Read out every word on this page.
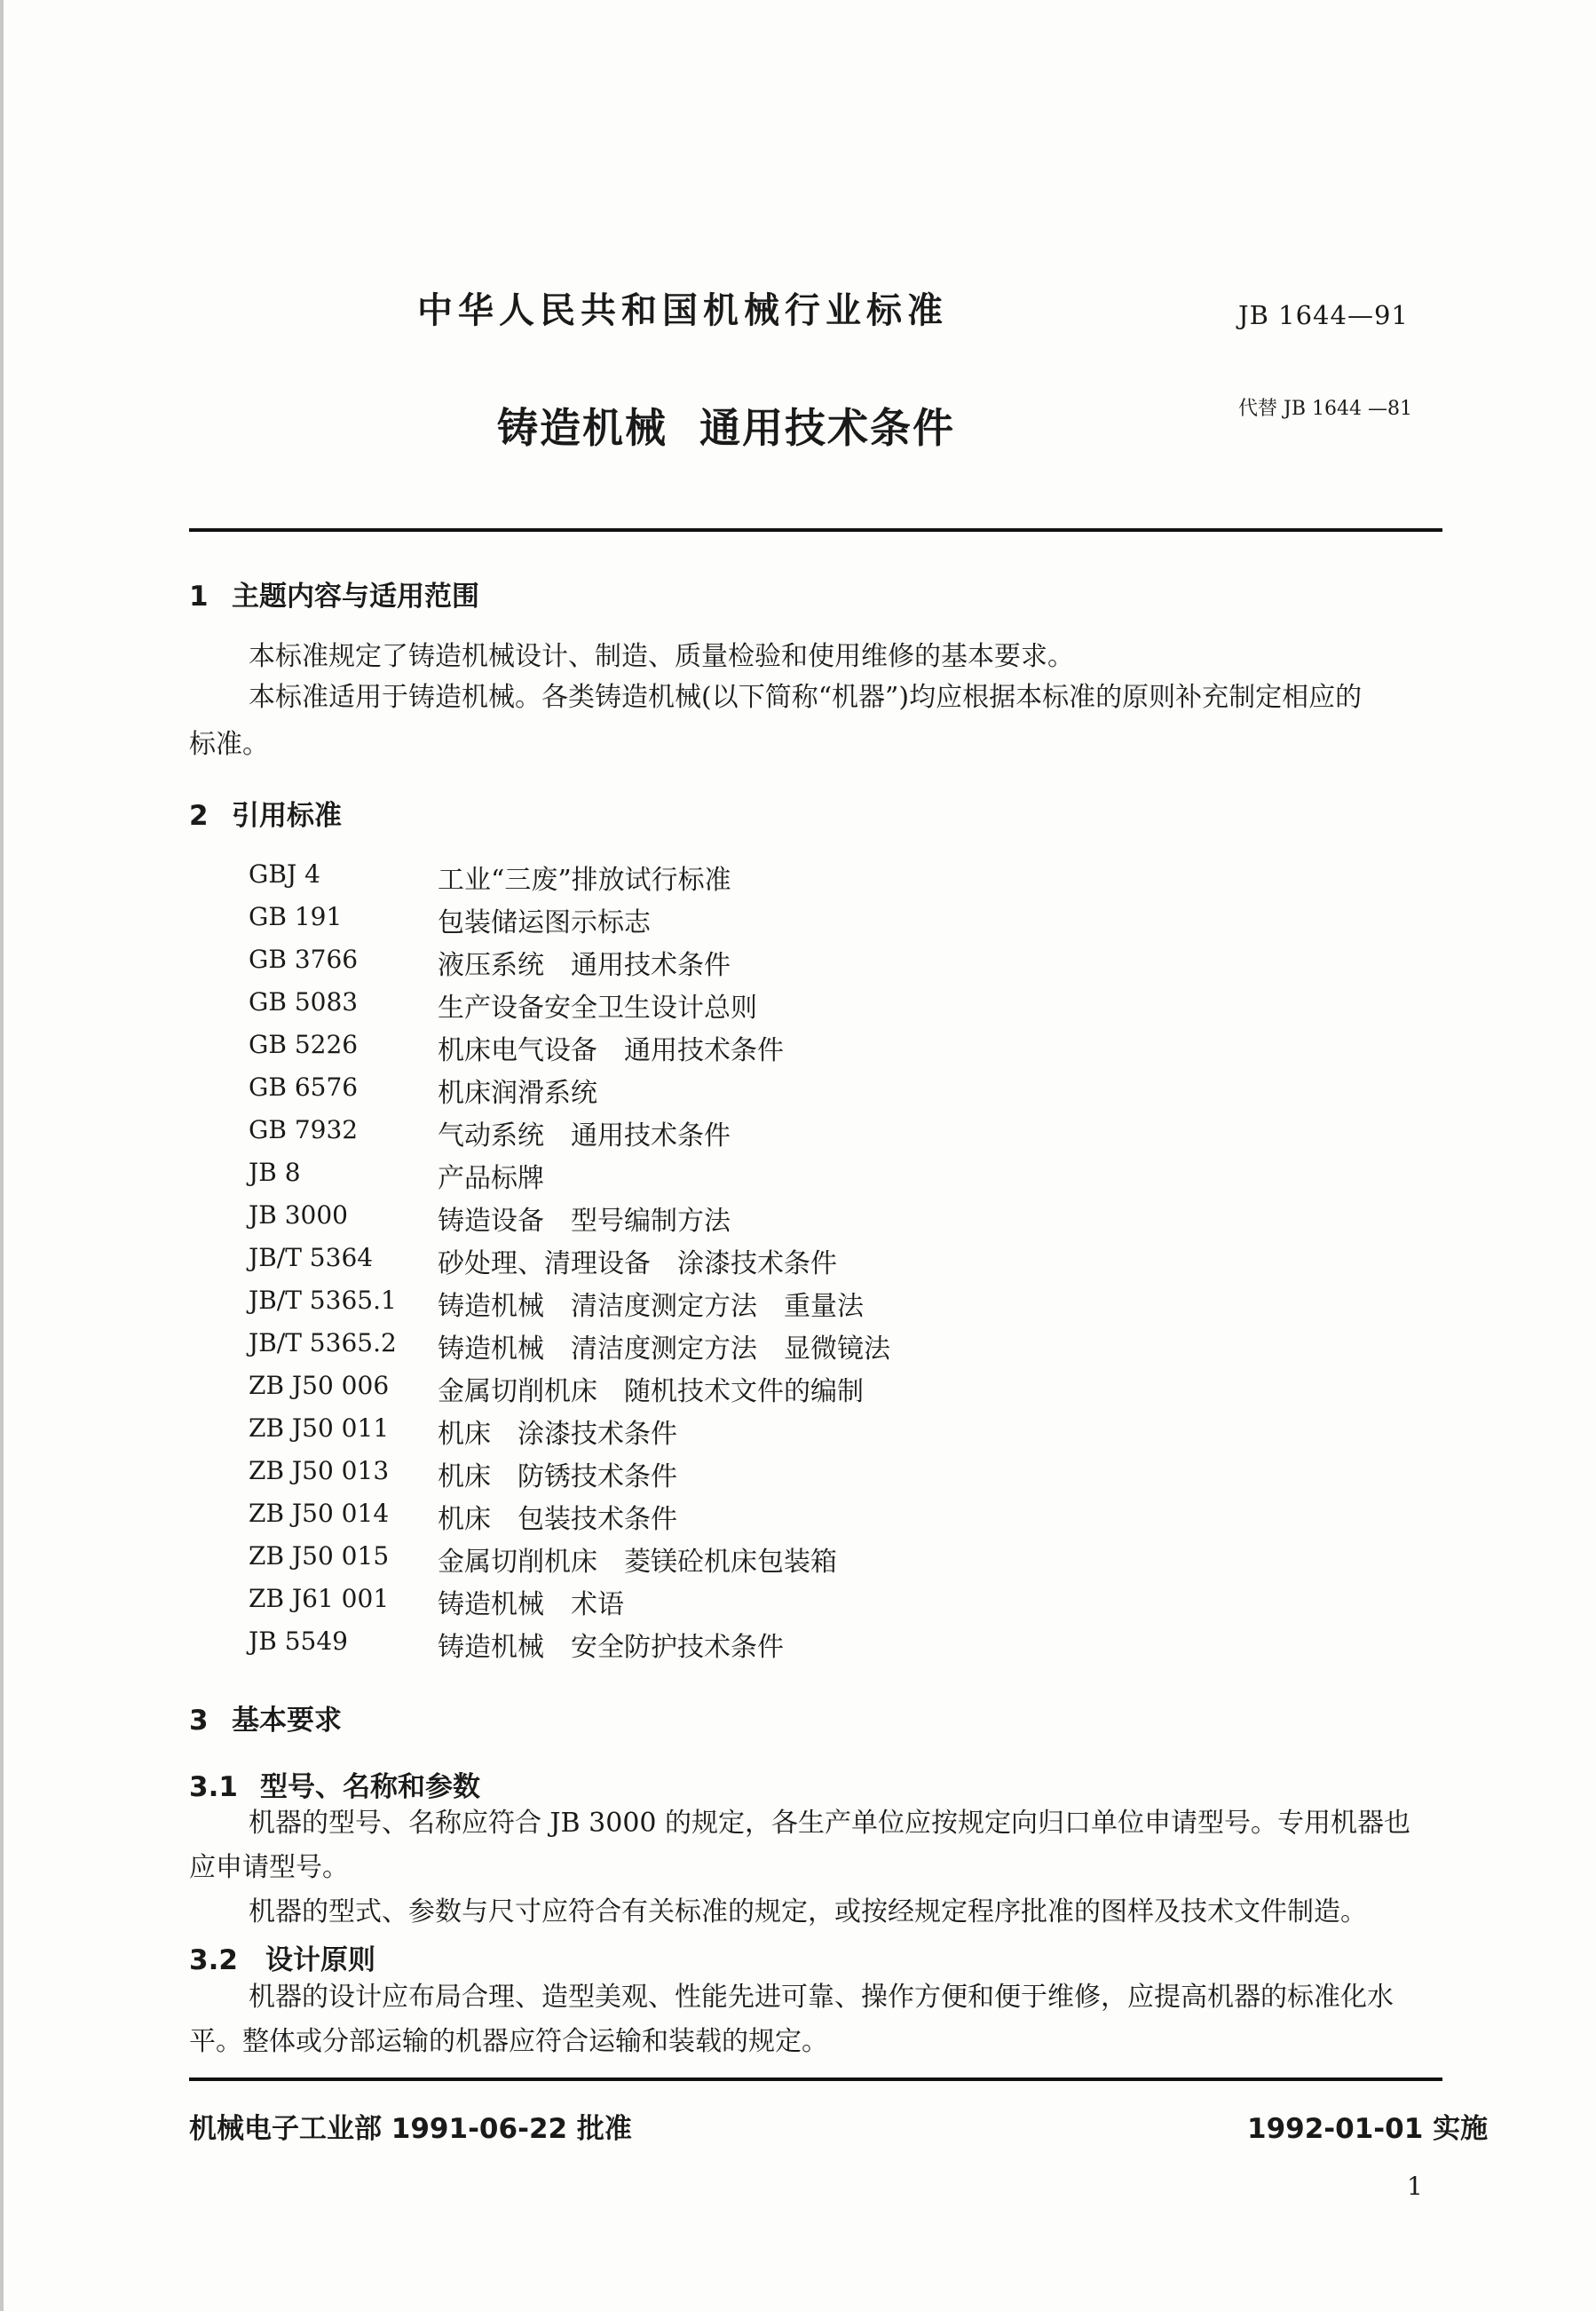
中华人民共和国机械行业标准	JB 1644—91
铸造机械 通用技术条件	代替 JB 1644 —81
1 主题内容与适用范围
本标准规定了铸造机械设计、制造、质量检验和使用维修的基本要求。
本标准适用于铸造机械。各类铸造机械(以下简称“机器”)均应根据本标准的原则补充制定相应的
标准。
2 引用标准
GBJ 4	工业“三废”排放试行标准
GB 191	包装储运图示标志
GB 3766	液压系统　通用技术条件
GB 5083	生产设备安全卫生设计总则
GB 5226	机床电气设备　通用技术条件
GB 6576	机床润滑系统
GB 7932	气动系统　通用技术条件
JB 8	产品标牌
JB 3000	铸造设备　型号编制方法
JB/T 5364 砂处理、清理设备　涂漆技术条件
JB/T 5365.1 铸造机械　清洁度测定方法　重量法
JB/T 5365.2 铸造机械　清洁度测定方法　显微镜法
ZB J50 006 金属切削机床　随机技术文件的编制
ZB J50 011 机床　涂漆技术条件
ZB J50 013 机床　防锈技术条件
ZB J50 014 机床　包装技术条件
ZB J50 015 金属切削机床　菱镁砼机床包装箱
ZB J61 001 铸造机械　术语
JB 5549	铸造机械　安全防护技术条件
3 基本要求
3.1 型号、名称和参数
机器的型号、名称应符合 JB 3000 的规定，各生产单位应按规定向归口单位申请型号。专用机器也
应申请型号。
机器的型式、参数与尺寸应符合有关标准的规定，或按经规定程序批准的图样及技术文件制造。
3.2 设计原则
机器的设计应布局合理、造型美观、性能先进可靠、操作方便和便于维修，应提高机器的标准化水
平。整体或分部运输的机器应符合运输和装载的规定。
机械电子工业部 1991-06-22 批准	1992-01-01 实施
1
